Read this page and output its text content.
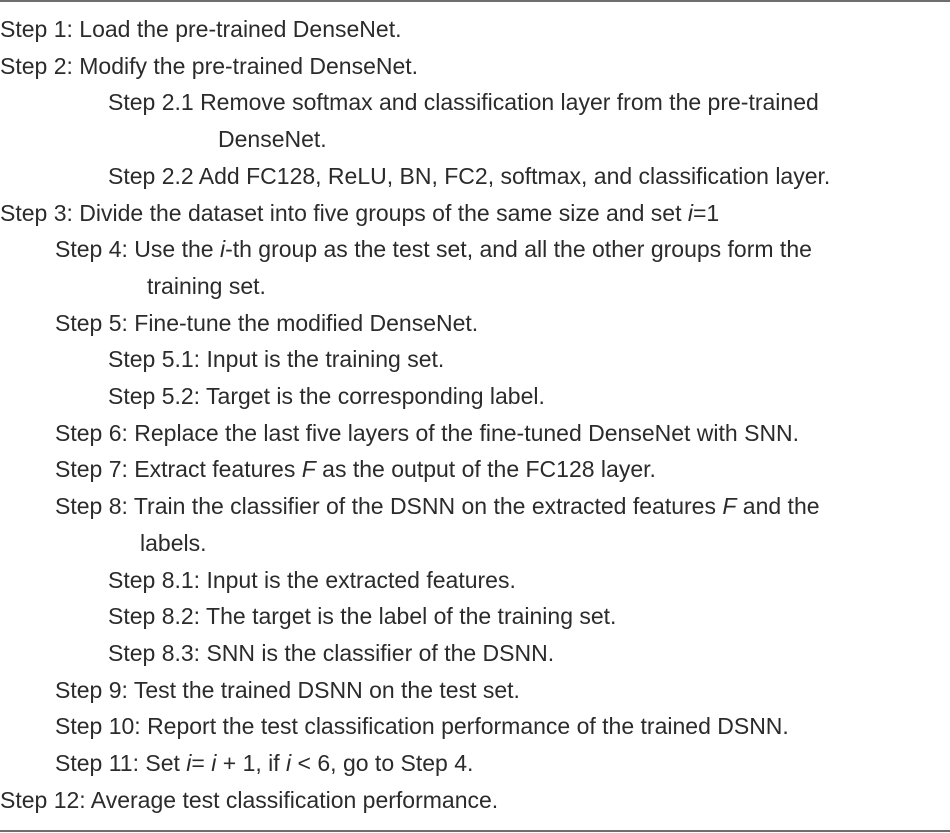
Step 1: Load the pre-trained DenseNet.

Step 2: Modify the pre-trained DenseNet.

Step 2.1 Remove softmax and classification layer from the pre-trained
DenseNet.

Step 2.2 Add FC128, ReLU, BN, FC2, softmax, and classification layer.

Step 3: Divide the dataset into five groups of the same size and set i=1

Step 4: Use the i-th group as the test set, and all the other groups form the
training set.

Step 5: Fine-tune the modified DenseNet.

Step 5.1: Input is the training set.

Step 5.2: Target is the corresponding label.

Step 6: Replace the last five layers of the fine-tuned DenseNet with SNN.

Step 7: Extract features F as the output of the FC128 layer.

Step 8: Train the classifier of the DSNN on the extracted features F and the
labels.

Step 8.1: Input is the extracted features.

Step 8.2: The target is the label of the training set.

Step 8.3: SNN is the classifier of the DSNN.

Step 9: Test the trained DSNN on the test set.

Step 10: Report the test classification performance of the trained DSNN.

Step 11: Set i= i + 1, if i < 6, go to Step 4.

Step 12: Average test classification performance.
